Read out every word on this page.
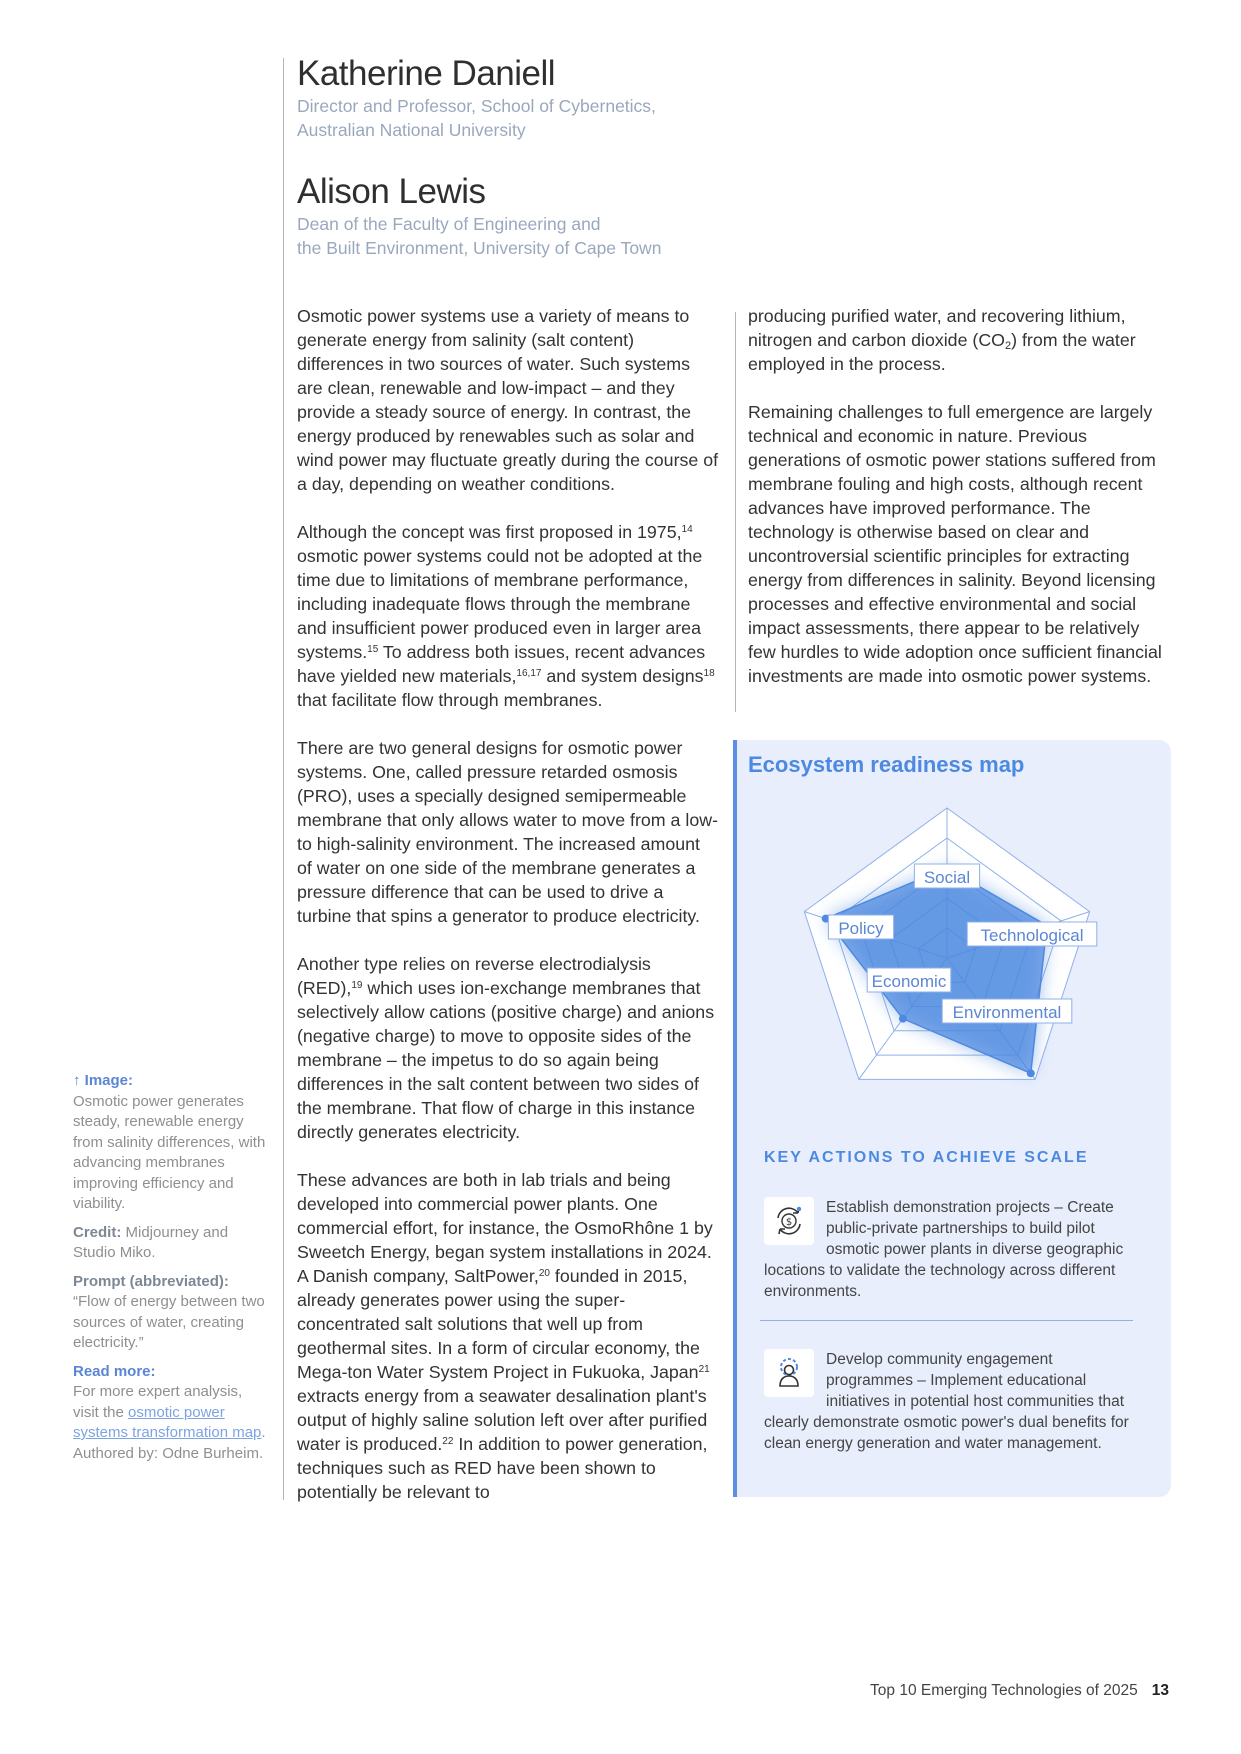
Katherine Daniell
Director and Professor, School of Cybernetics,
Australian National University
Alison Lewis
Dean of the Faculty of Engineering and
the Built Environment, University of Cape Town

Osmotic power systems use a variety of means to generate energy from salinity (salt content) differences in two sources of water. Such systems are clean, renewable and low-impact – and they provide a steady source of energy. In contrast, the energy produced by renewables such as solar and wind power may fluctuate greatly during the course of a day, depending on weather conditions.

Although the concept was first proposed in 1975,14 osmotic power systems could not be adopted at the time due to limitations of membrane performance, including inadequate flows through the membrane and insufficient power produced even in larger area systems.$^{15}$ To address both issues, recent advances have yielded new materials,$^{16,17}$ and system designs$^{18}$ that facilitate flow through membranes.

There are two general designs for osmotic power systems. One, called pressure retarded osmosis (PRO), uses a specially designed semipermeable membrane that only allows water to move from a low- to high-salinity environment. The increased amount of water on one side of the membrane generates a pressure difference that can be used to drive a turbine that spins a generator to produce electricity.

Another type relies on reverse electrodialysis (RED),$^{19}$ which uses ion-exchange membranes that selectively allow cations (positive charge) and anions (negative charge) to move to opposite sides of the membrane – the impetus to do so again being differences in the salt content between two sides of the membrane. That flow of charge in this instance directly generates electricity.

These advances are both in lab trials and being developed into commercial power plants. One commercial effort, for instance, the OsmoRhône 1 by Sweetch Energy, began system installations in 2024. A Danish company, SaltPower,$^{20}$ founded in 2015, already generates power using the super-concentrated salt solutions that well up from geothermal sites. In a form of circular economy, the Mega-ton Water System Project in Fukuoka, Japan$^{21}$ extracts energy from a seawater desalination plant's output of highly saline solution left over after purified water is produced.$^{22}$ In addition to power generation, techniques such as RED have been shown to potentially be relevant to

producing purified water, and recovering lithium, nitrogen and carbon dioxide $(CO_2)$ from the water employed in the process.

Remaining challenges to full emergence are largely technical and economic in nature. Previous generations of osmotic power stations suffered from membrane fouling and high costs, although recent advances have improved performance. The technology is otherwise based on clear and uncontroversial scientific principles for extracting energy from differences in salinity. Beyond licensing processes and effective environmental and social impact assessments, there appear to be relatively few hurdles to wide adoption once sufficient financial investments are made into osmotic power systems.

↑ Image:
Osmotic power generates steady, renewable energy from salinity differences, with advancing membranes improving efficiency and viability.
Credit: Midjourney and Studio Miko.
Prompt (abbreviated):
“Flow of energy between two sources of water, creating electricity.”
Read more:
For more expert analysis, visit the osmotic power systems transformation map. Authored by: Odne Burheim.
Ecosystem readiness map
Social
Technological
Environmental
Economic
Policy
KEY ACTIONS TO ACHIEVE SCALE
$
Establish demonstration projects – Create public-private partnerships to build pilot osmotic power plants in diverse geographic locations to validate the technology across different environments.
Develop community engagement programmes – Implement educational initiatives in potential host communities that clearly demonstrate osmotic power's dual benefits for clean energy generation and water management.
Top 10 Emerging Technologies of 2025 13
